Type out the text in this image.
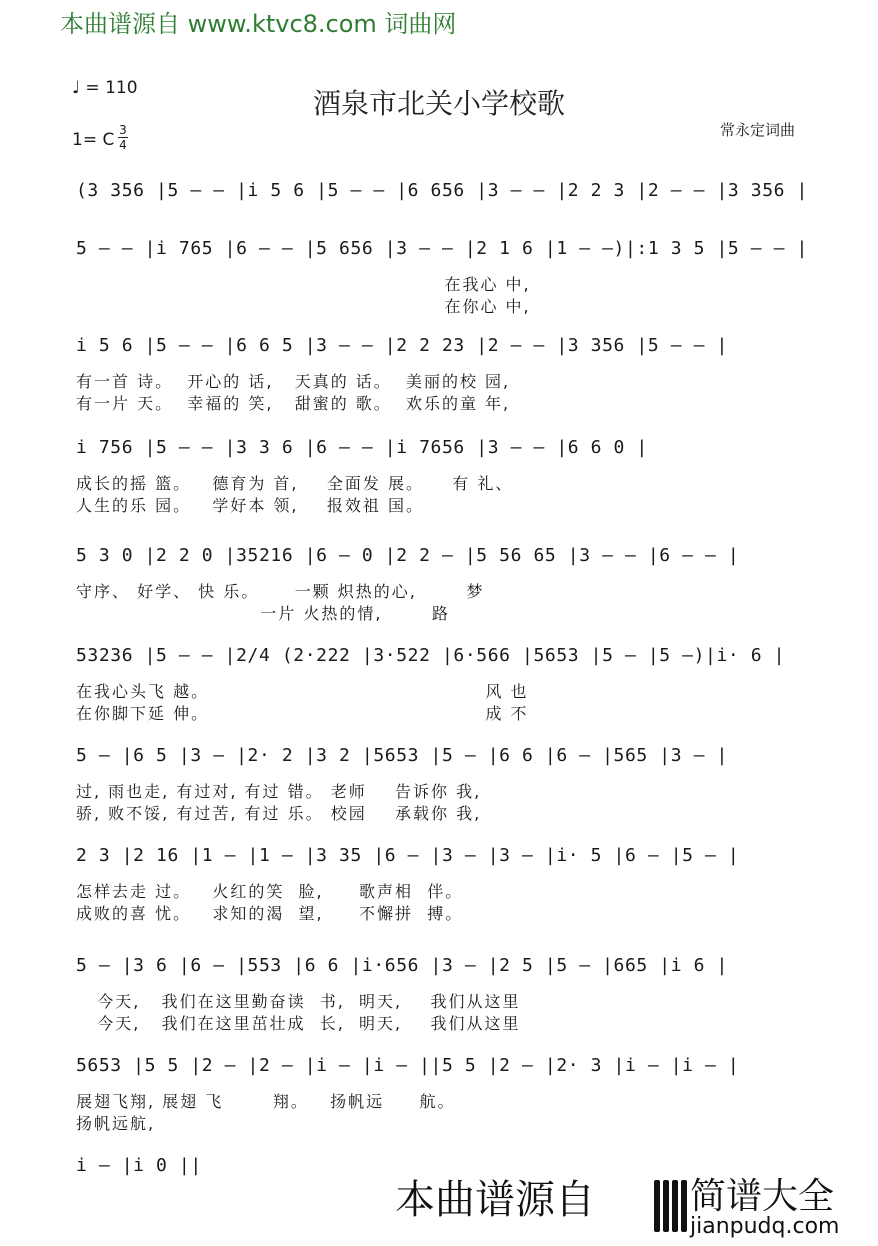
本曲谱源自 www.ktvc8.com 词曲网
♩ = 110	酒泉市北关小学校歌
1= C 3
4
常永定词曲
(3 356 |5 — — |i 5 6 |5 — — |6 656 |3 — — |2 2 3 |2 — — |3 356 |
5 — — |i 765 |6 — — |5 656 |3 — — |2 1 6 |1 — —)|:1 3 5 |5 — — |
在我心 中,
在你心 中,
i 5 6 |5 — — |6 6 5 |3 — — |2 2 23 |2 — — |3 356 |5 — — |
有一首 诗。  开心的 话,   天真的 话。  美丽的校 园,
有一片 天。  幸福的 笑,   甜蜜的 歌。  欢乐的童 年,
i 756 |5 — — |3 3 6 |6 — — |i 7656 |3 — — |6 6 0 |
成长的摇 篮。   德育为 首,    全面发 展。    有 礼、
人生的乐 园。   学好本 领,    报效祖 国。
5 3 0 |2 2 0 |35216 |6 — 0 |2 2 — |5 56 65 |3 — — |6 — — |
守序、 好学、 快 乐。     一颗 炽热的心,       梦
一片 火热的情,       路
53236 |5 — — |2/4 (2·222 |3·522 |6·566 |5653 |5 — |5 —)|i· 6 |
在我心头飞 越。                                       风 也
在你脚下延 伸。                                       成 不
5 — |6 5 |3 — |2· 2 |3 2 |5653 |5 — |6 6 |6 — |565 |3 — |
过, 雨也走, 有过对, 有过 错。 老师    告诉你 我,
骄, 败不馁, 有过苦, 有过 乐。 校园    承载你 我,
2 3 |2 16 |1 — |1 — |3 35 |6 — |3 — |3 — |i· 5 |6 — |5 — |
怎样去走 过。   火红的笑  脸,     歌声相  伴。
成败的喜 忧。   求知的渴  望,     不懈拼  搏。
5 — |3 6 |6 — |553 |6 6 |i·656 |3 — |2 5 |5 — |665 |i 6 |
今天,   我们在这里勤奋读  书,  明天,    我们从这里
今天,   我们在这里茁壮成  长,  明天,    我们从这里
5653 |5 5 |2 — |2 — |i — |i — ||5 5 |2 — |2· 3 |i — |i — |
展翅飞翔, 展翅 飞       翔。   扬帆远     航。
扬帆远航,
i — |i 0 ||
本曲谱源自	简谱大全
jianpudq.com
